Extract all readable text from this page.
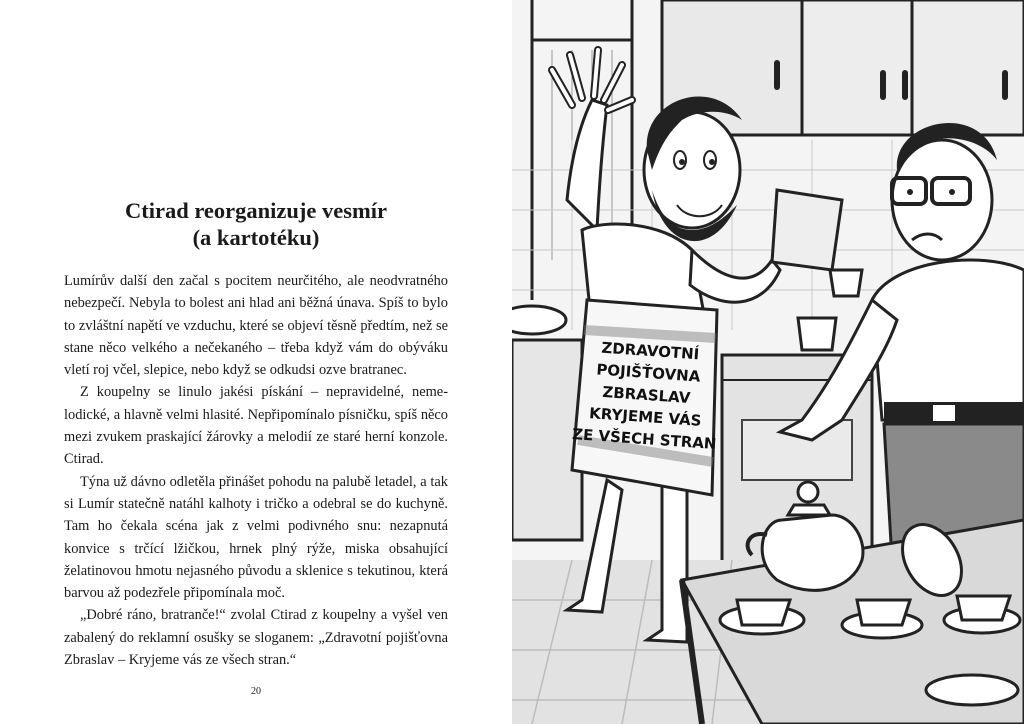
Ctirad reorganizuje vesmír
(a kartotéku)

Lumírův další den začal s pocitem neurčitého, ale neodvratného nebezpečí. Nebyla to bolest ani hlad ani běžná únava. Spíš to bylo to zvláštní napětí ve vzduchu, které se objeví těsně předtím, než se stane něco velkého a nečekaného – třeba když vám do obýváku vletí roj včel, slepice, nebo když se odkudsi ozve bratranec.

Z koupelny se linulo jakési pískání – nepravidelné, nemelodické, a hlavně velmi hlasité. Nepřipomínalo písničku, spíš něco mezi zvukem praskající žárovky a melodií ze staré herní konzole. Ctirad.

Týna už dávno odletěla přinášet pohodu na palubě letadel, a tak si Lumír statečně natáhl kalhoty i tričko a odebral se do kuchyně. Tam ho čekala scéna jak z velmi podivného snu: nezapnutá konvice s trčící lžičkou, hrnek plný rýže, miska obsahující želatinovou hmotu nejasného původu a sklenice s tekutinou, která barvou až podezřele připomínala moč.

„Dobré ráno, bratranče!“ zvolal Ctirad z koupelny a vyšel ven zabalený do reklamní osušky se sloganem: „Zdravotní pojišťovna Zbraslav – Kryjeme vás ze všech stran.“

20
ZDRAVOTNÍ
POJIŠŤOVNA
ZBRASLAV
KRYJEME VÁS
ZE VŠECH STRAN
